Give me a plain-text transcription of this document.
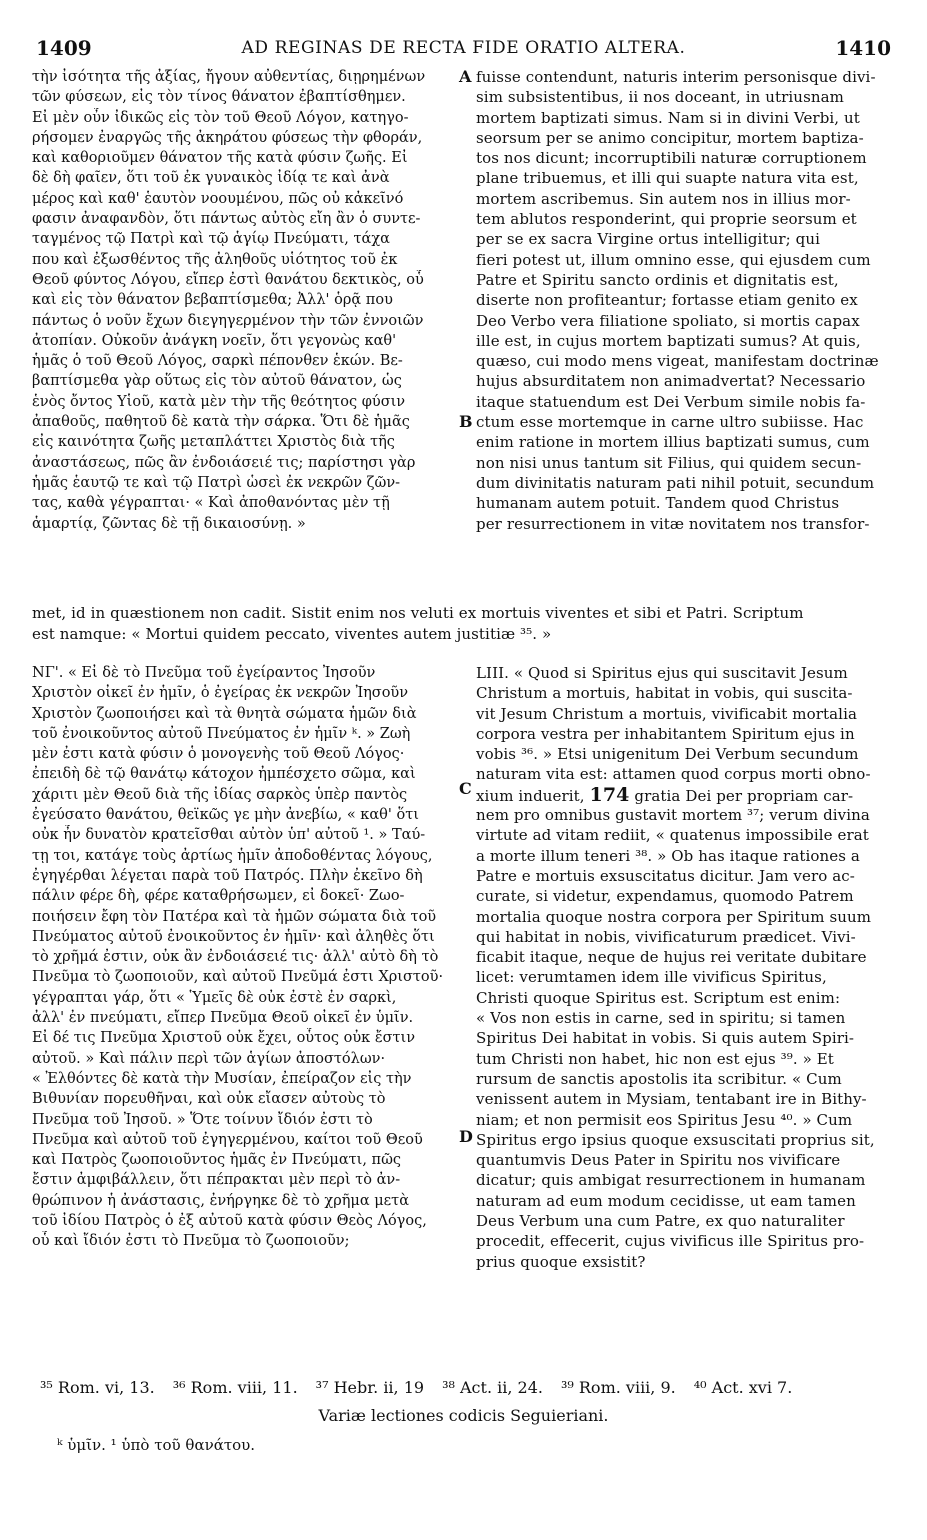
1409	AD REGINAS DE RECTA FIDE ORATIO ALTERA.	1410
τὴν ἰσότητα τῆς ἀξίας, ἤγουν αὐθεντίας, διῃρημένων
τῶν φύσεων, εἰς τὸν τίνος θάνατον ἐβαπτίσθημεν.
Εἰ μὲν οὖν ἰδικῶς εἰς τὸν τοῦ Θεοῦ Λόγον, κατηγο-
ρήσομεν ἐναργῶς τῆς ἀκηράτου φύσεως τὴν φθοράν,
καὶ καθοριοῦμεν θάνατον τῆς κατὰ φύσιν ζωῆς. Εἰ
δὲ δὴ φαῖεν, ὅτι τοῦ ἐκ γυναικὸς ἰδίᾳ τε καὶ ἀνὰ
μέρος καὶ καθ' ἑαυτὸν νοουμένου, πῶς οὐ κἀκεῖνό
φασιν ἀναφανδὸν, ὅτι πάντως αὐτὸς εἴη ἂν ὁ συντε-
ταγμένος τῷ Πατρὶ καὶ τῷ ἁγίῳ Πνεύματι, τάχα
που καὶ ἐξωσθέντος τῆς ἀληθοῦς υἱότητος τοῦ ἐκ
Θεοῦ φύντος Λόγου, εἴπερ ἐστὶ θανάτου δεκτικὸς, οὗ
καὶ εἰς τὸν θάνατον βεβαπτίσμεθα; Ἀλλ' ὁρᾷ που
πάντως ὁ νοῦν ἔχων διεγηγερμένον τὴν τῶν ἐννοιῶν
ἀτοπίαν. Οὐκοῦν ἀνάγκη νοεῖν, ὅτι γεγονὼς καθ'
ἡμᾶς ὁ τοῦ Θεοῦ Λόγος, σαρκὶ πέπονθεν ἑκών. Βε-
βαπτίσμεθα γὰρ οὕτως εἰς τὸν αὐτοῦ θάνατον, ὡς
ἑνὸς ὄντος Υἱοῦ, κατὰ μὲν τὴν τῆς θεότητος φύσιν
ἀπαθοῦς, παθητοῦ δὲ κατὰ τὴν σάρκα. Ὅτι δὲ ἡμᾶς
εἰς καινότητα ζωῆς μεταπλάττει Χριστὸς διὰ τῆς
ἀναστάσεως, πῶς ἂν ἐνδοιάσειέ τις; παρίστησι γὰρ
ἡμᾶς ἑαυτῷ τε καὶ τῷ Πατρὶ ὡσεὶ ἐκ νεκρῶν ζῶν-
τας, καθὰ γέγραπται· « Καὶ ἀποθανόντας μὲν τῇ
ἁμαρτίᾳ, ζῶντας δὲ τῇ δικαιοσύνῃ. »
fuisse contendunt, naturis interim personisque divi-
sim subsistentibus, ii nos doceant, in utriusnam
mortem baptizati simus. Nam si in divini Verbi, ut
seorsum per se animo concipitur, mortem baptiza-
tos nos dicunt; incorruptibili naturæ corruptionem
plane tribuemus, et illi qui suapte natura vita est,
mortem ascribemus. Sin autem nos in illius mor-
tem ablutos responderint, qui proprie seorsum et
per se ex sacra Virgine ortus intelligitur; qui
fieri potest ut, illum omnino esse, qui ejusdem cum
Patre et Spiritu sancto ordinis et dignitatis est,
diserte non profiteantur; fortasse etiam genito ex
Deo Verbo vera filiatione spoliato, si mortis capax
ille est, in cujus mortem baptizati sumus? At quis,
quæso, cui modo mens vigeat, manifestam doctrinæ
hujus absurditatem non animadvertat? Necessario
itaque statuendum est Dei Verbum simile nobis fa-
ctum esse mortemque in carne ultro subiisse. Hac
enim ratione in mortem illius baptizati sumus, cum
non nisi unus tantum sit Filius, qui quidem secun-
dum divinitatis naturam pati nihil potuit, secundum
humanam autem potuit. Tandem quod Christus
per resurrectionem in vitæ novitatem nos transfor-
A
B
C
D
met, id in quæstionem non cadit. Sistit enim nos veluti ex mortuis viventes et sibi et Patri. Scriptum
est namque: « Mortui quidem peccato, viventes autem justitiæ ³⁵. »
ΝΓ'. « Εἰ δὲ τὸ Πνεῦμα τοῦ ἐγείραντος Ἰησοῦν
Χριστὸν οἰκεῖ ἐν ἡμῖν, ὁ ἐγείρας ἐκ νεκρῶν Ἰησοῦν
Χριστὸν ζωοποιήσει καὶ τὰ θνητὰ σώματα ἡμῶν διὰ
τοῦ ἐνοικοῦντος αὐτοῦ Πνεύματος ἐν ἡμῖν ᵏ. » Ζωὴ
μὲν ἐστι κατὰ φύσιν ὁ μονογενὴς τοῦ Θεοῦ Λόγος·
ἐπειδὴ δὲ τῷ θανάτῳ κάτοχον ἠμπέσχετο σῶμα, καὶ
χάριτι μὲν Θεοῦ διὰ τῆς ἰδίας σαρκὸς ὑπὲρ παντὸς
ἐγεύσατο θανάτου, θεϊκῶς γε μὴν ἀνεβίω, « καθ' ὅτι
οὐκ ἦν δυνατὸν κρατεῖσθαι αὐτὸν ὑπ' αὐτοῦ ¹. » Ταύ-
τῃ τοι, κατάγε τοὺς ἀρτίως ἡμῖν ἀποδοθέντας λόγους,
ἐγηγέρθαι λέγεται παρὰ τοῦ Πατρός. Πλὴν ἐκεῖνο δὴ
πάλιν φέρε δὴ, φέρε καταθρήσωμεν, εἰ δοκεῖ· Ζωο-
ποιήσειν ἔφη τὸν Πατέρα καὶ τὰ ἡμῶν σώματα διὰ τοῦ
Πνεύματος αὐτοῦ ἐνοικοῦντος ἐν ἡμῖν· καὶ ἀληθὲς ὅτι
τὸ χρῆμά ἐστιν, οὐκ ἂν ἐνδοιάσειέ τις· ἀλλ' αὐτὸ δὴ τὸ
Πνεῦμα τὸ ζωοποιοῦν, καὶ αὐτοῦ Πνεῦμά ἐστι Χριστοῦ·
γέγραπται γάρ, ὅτι « Ὑμεῖς δὲ οὐκ ἐστὲ ἐν σαρκὶ,
ἀλλ' ἐν πνεύματι, εἴπερ Πνεῦμα Θεοῦ οἰκεῖ ἐν ὑμῖν.
Εἰ δέ τις Πνεῦμα Χριστοῦ οὐκ ἔχει, οὗτος οὐκ ἔστιν
αὐτοῦ. » Καὶ πάλιν περὶ τῶν ἁγίων ἀποστόλων·
« Ἐλθόντες δὲ κατὰ τὴν Μυσίαν, ἐπείραζον εἰς τὴν
Βιθυνίαν πορευθῆναι, καὶ οὐκ εἴασεν αὐτοὺς τὸ
Πνεῦμα τοῦ Ἰησοῦ. » Ὅτε τοίνυν ἴδιόν ἐστι τὸ
Πνεῦμα καὶ αὐτοῦ τοῦ ἐγηγερμένου, καίτοι τοῦ Θεοῦ
καὶ Πατρὸς ζωοποιοῦντος ἡμᾶς ἐν Πνεύματι, πῶς
ἔστιν ἀμφιβάλλειν, ὅτι πέπρακται μὲν περὶ τὸ ἀν-
θρώπινον ἡ ἀνάστασις, ἐνήργηκε δὲ τὸ χρῆμα μετὰ
τοῦ ἰδίου Πατρὸς ὁ ἐξ αὐτοῦ κατὰ φύσιν Θεὸς Λόγος,
οὗ καὶ ἴδιόν ἐστι τὸ Πνεῦμα τὸ ζωοποιοῦν;
LIII. « Quod si Spiritus ejus qui suscitavit Jesum
Christum a mortuis, habitat in vobis, qui suscita-
vit Jesum Christum a mortuis, vivificabit mortalia
corpora vestra per inhabitantem Spiritum ejus in
vobis ³⁶. » Etsi unigenitum Dei Verbum secundum
naturam vita est: attamen quod corpus morti obno-
xium induerit, 174 gratia Dei per propriam car-
nem pro omnibus gustavit mortem ³⁷; verum divina
virtute ad vitam rediit, « quatenus impossibile erat
a morte illum teneri ³⁸. » Ob has itaque rationes a
Patre e mortuis exsuscitatus dicitur. Jam vero ac-
curate, si videtur, expendamus, quomodo Patrem
mortalia quoque nostra corpora per Spiritum suum
qui habitat in nobis, vivificaturum prædicet. Vivi-
ficabit itaque, neque de hujus rei veritate dubitare
licet: verumtamen idem ille vivificus Spiritus,
Christi quoque Spiritus est. Scriptum est enim:
« Vos non estis in carne, sed in spiritu; si tamen
Spiritus Dei habitat in vobis. Si quis autem Spiri-
tum Christi non habet, hic non est ejus ³⁹. » Et
rursum de sanctis apostolis ita scribitur. « Cum
venissent autem in Mysiam, tentabant ire in Bithy-
niam; et non permisit eos Spiritus Jesu ⁴⁰. » Cum
Spiritus ergo ipsius quoque exsuscitati proprius sit,
quantumvis Deus Pater in Spiritu nos vivificare
dicatur; quis ambigat resurrectionem in humanam
naturam ad eum modum cecidisse, ut eam tamen
Deus Verbum una cum Patre, ex quo naturaliter
procedit, effecerit, cujus vivificus ille Spiritus pro-
prius quoque exsistit?
³⁵ Rom. vi, 13. ³⁶ Rom. viii, 11. ³⁷ Hebr. ii, 19 ³⁸ Act. ii, 24. ³⁹ Rom. viii, 9. ⁴⁰ Act. xvi 7.
Variæ lectiones codicis Seguieriani.
ᵏ ὑμῖν. ¹ ὑπὸ τοῦ θανάτου.
